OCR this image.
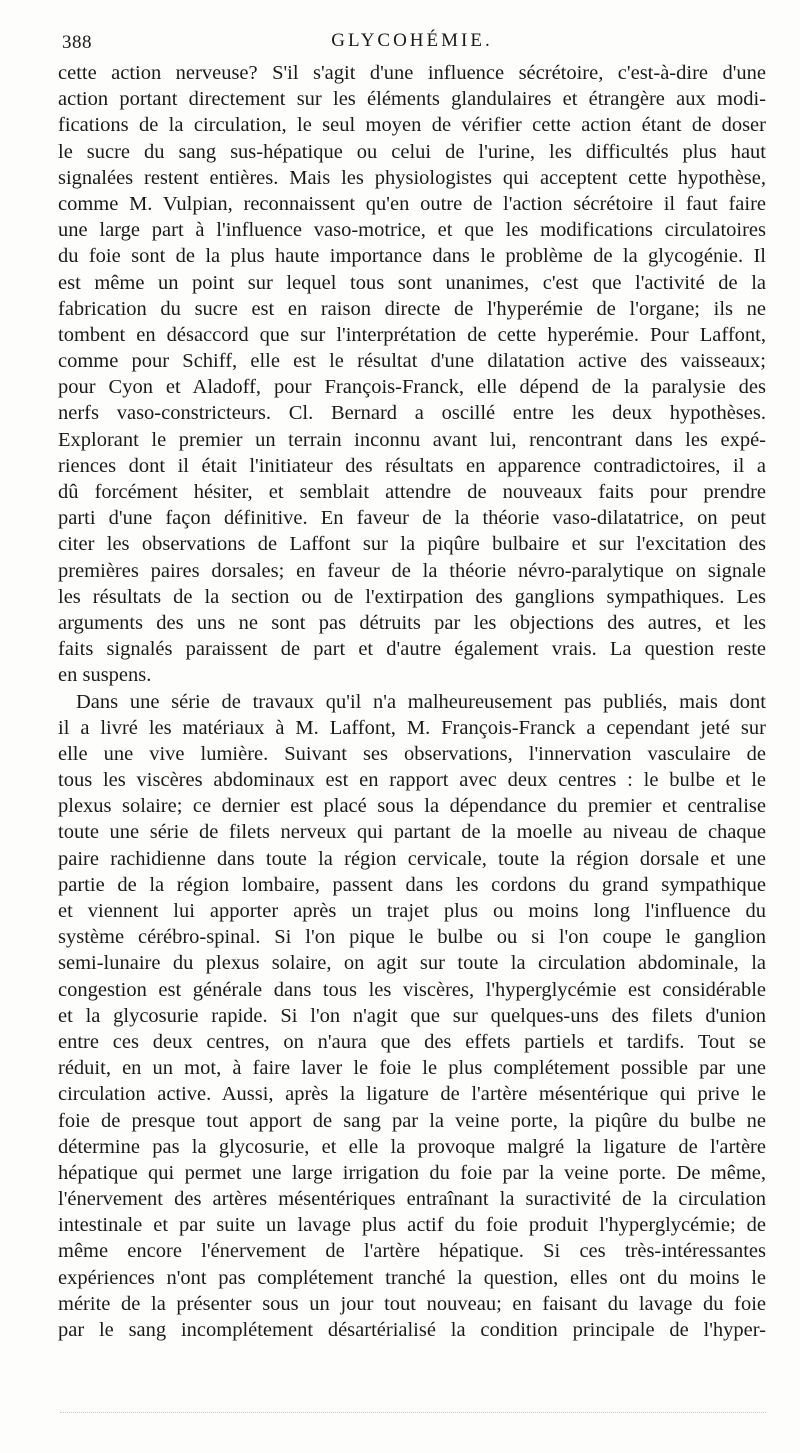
388	GLYCOHÉMIE.
cette action nerveuse? S'il s'agit d'une influence sécrétoire, c'est-à-dire d'une
action portant directement sur les éléments glandulaires et étrangère aux modi-
fications de la circulation, le seul moyen de vérifier cette action étant de doser
le sucre du sang sus-hépatique ou celui de l'urine, les difficultés plus haut
signalées restent entières. Mais les physiologistes qui acceptent cette hypothèse,
comme M. Vulpian, reconnaissent qu'en outre de l'action sécrétoire il faut faire
une large part à l'influence vaso-motrice, et que les modifications circulatoires
du foie sont de la plus haute importance dans le problème de la glycogénie. Il
est même un point sur lequel tous sont unanimes, c'est que l'activité de la
fabrication du sucre est en raison directe de l'hyperémie de l'organe; ils ne
tombent en désaccord que sur l'interprétation de cette hyperémie. Pour Laffont,
comme pour Schiff, elle est le résultat d'une dilatation active des vaisseaux;
pour Cyon et Aladoff, pour François-Franck, elle dépend de la paralysie des
nerfs vaso-constricteurs. Cl. Bernard a oscillé entre les deux hypothèses.
Explorant le premier un terrain inconnu avant lui, rencontrant dans les expé-
riences dont il était l'initiateur des résultats en apparence contradictoires, il a
dû forcément hésiter, et semblait attendre de nouveaux faits pour prendre
parti d'une façon définitive. En faveur de la théorie vaso-dilatatrice, on peut
citer les observations de Laffont sur la piqûre bulbaire et sur l'excitation des
premières paires dorsales; en faveur de la théorie névro-paralytique on signale
les résultats de la section ou de l'extirpation des ganglions sympathiques. Les
arguments des uns ne sont pas détruits par les objections des autres, et les
faits signalés paraissent de part et d'autre également vrais. La question reste
en suspens.
Dans une série de travaux qu'il n'a malheureusement pas publiés, mais dont
il a livré les matériaux à M. Laffont, M. François-Franck a cependant jeté sur
elle une vive lumière. Suivant ses observations, l'innervation vasculaire de
tous les viscères abdominaux est en rapport avec deux centres : le bulbe et le
plexus solaire; ce dernier est placé sous la dépendance du premier et centralise
toute une série de filets nerveux qui partant de la moelle au niveau de chaque
paire rachidienne dans toute la région cervicale, toute la région dorsale et une
partie de la région lombaire, passent dans les cordons du grand sympathique
et viennent lui apporter après un trajet plus ou moins long l'influence du
système cérébro-spinal. Si l'on pique le bulbe ou si l'on coupe le ganglion
semi-lunaire du plexus solaire, on agit sur toute la circulation abdominale, la
congestion est générale dans tous les viscères, l'hyperglycémie est considérable
et la glycosurie rapide. Si l'on n'agit que sur quelques-uns des filets d'union
entre ces deux centres, on n'aura que des effets partiels et tardifs. Tout se
réduit, en un mot, à faire laver le foie le plus complétement possible par une
circulation active. Aussi, après la ligature de l'artère mésentérique qui prive le
foie de presque tout apport de sang par la veine porte, la piqûre du bulbe ne
détermine pas la glycosurie, et elle la provoque malgré la ligature de l'artère
hépatique qui permet une large irrigation du foie par la veine porte. De même,
l'énervement des artères mésentériques entraînant la suractivité de la circulation
intestinale et par suite un lavage plus actif du foie produit l'hyperglycémie; de
même encore l'énervement de l'artère hépatique. Si ces très-intéressantes
expériences n'ont pas complétement tranché la question, elles ont du moins le
mérite de la présenter sous un jour tout nouveau; en faisant du lavage du foie
par le sang incomplétement désartérialisé la condition principale de l'hyper-
